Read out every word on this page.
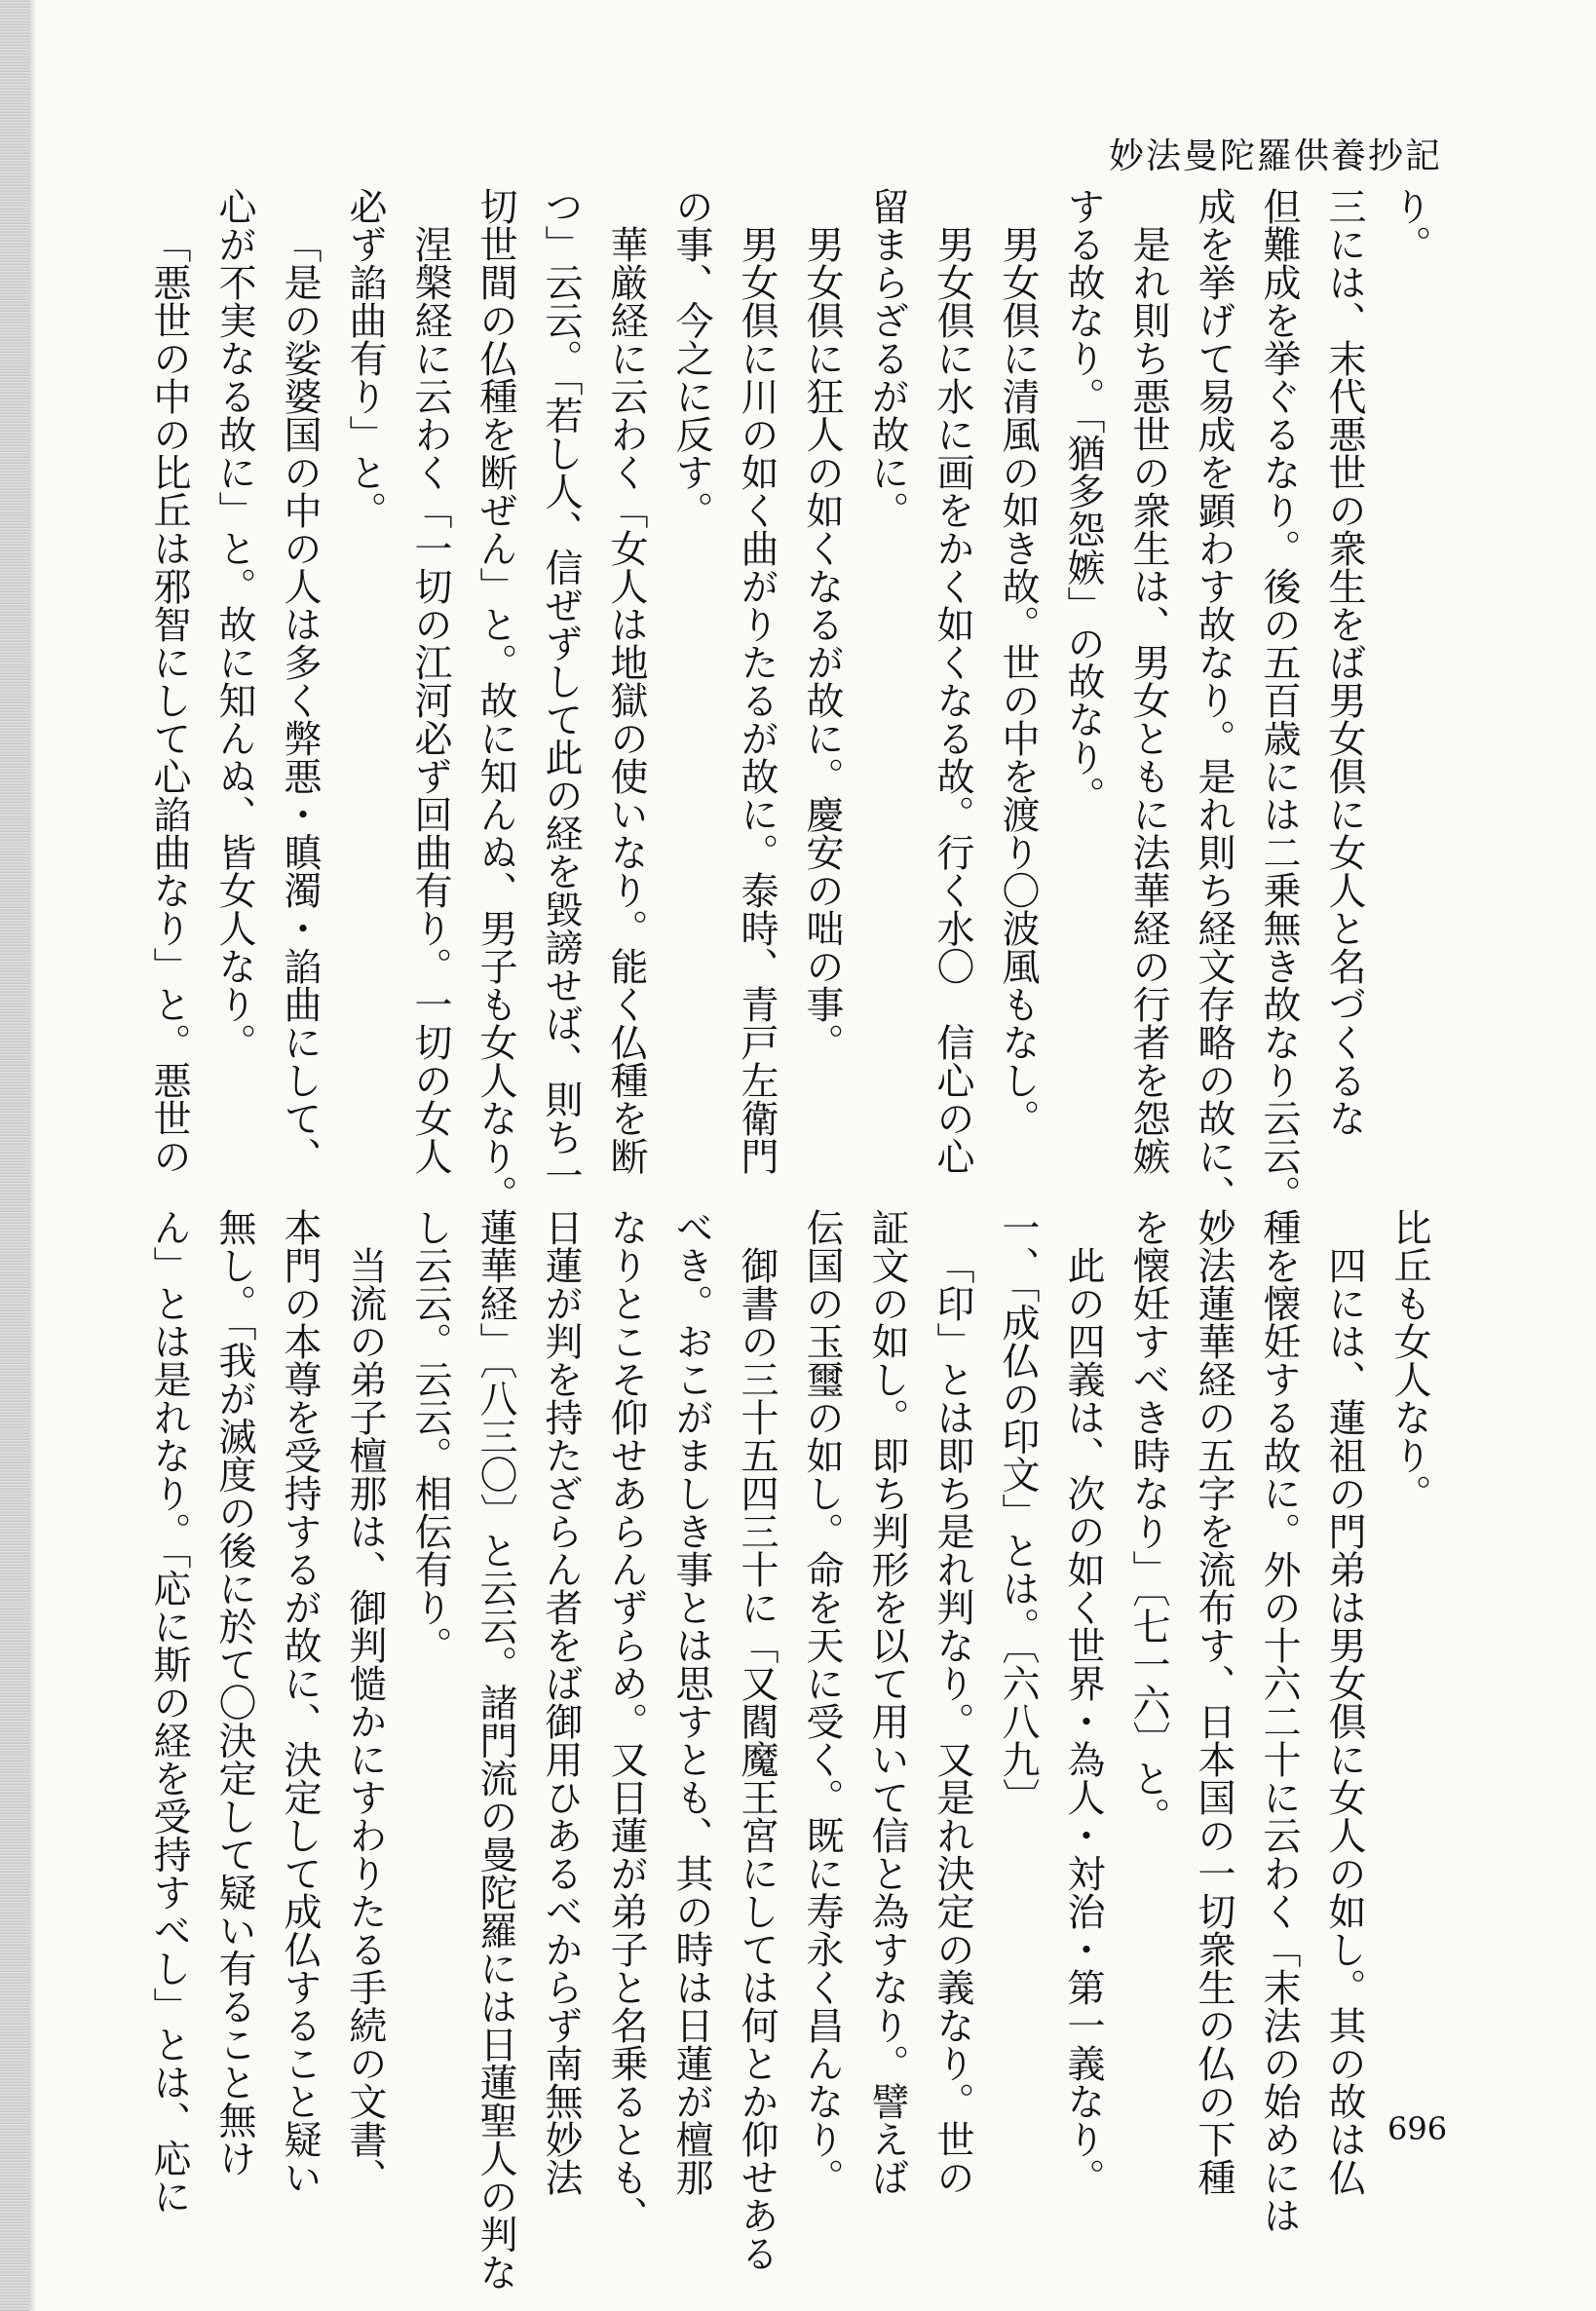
妙法曼陀羅供養抄記

り。

三には、末代悪世の衆生をば男女倶に女人と名づくるな

但難成を挙ぐるなり。後の五百歳には二乗無き故なり云云。

成を挙げて易成を顕わす故なり。是れ則ち経文存略の故に、

是れ則ち悪世の衆生は、男女ともに法華経の行者を怨嫉

する故なり。「猶多怨嫉」の故なり。

男女倶に清風の如き故。世の中を渡り〇波風もなし。

男女倶に水に画をかく如くなる故。行く水〇　信心の心

留まらざるが故に。

男女倶に狂人の如くなるが故に。慶安の咄の事。

男女倶に川の如く曲がりたるが故に。泰時、青戸左衛門

の事、今之に反す。

華厳経に云わく「女人は地獄の使いなり。能く仏種を断

つ」云云。「若し人、信ぜずして此の経を毀謗せば、則ち一

切世間の仏種を断ぜん」と。故に知んぬ、男子も女人なり。

涅槃経に云わく「一切の江河必ず回曲有り。一切の女人

必ず諂曲有り」と。

「是の娑婆国の中の人は多く弊悪・瞋濁・諂曲にして、

心が不実なる故に」と。故に知んぬ、皆女人なり。

「悪世の中の比丘は邪智にして心諂曲なり」と。悪世の

比丘も女人なり。

四には、蓮祖の門弟は男女倶に女人の如し。其の故は仏

種を懐妊する故に。外の十六二十に云わく「末法の始めには

妙法蓮華経の五字を流布す、日本国の一切衆生の仏の下種

を懐妊すべき時なり」〔七一六〕と。

此の四義は、次の如く世界・為人・対治・第一義なり。

一、「成仏の印文」とは。〔六八九〕

「印」とは即ち是れ判なり。又是れ決定の義なり。世の

証文の如し。即ち判形を以て用いて信と為すなり。譬えば

伝国の玉璽の如し。命を天に受く。既に寿永く昌んなり。

御書の三十五四三十に「又閻魔王宮にしては何とか仰せある

べき。おこがましき事とは思すとも、其の時は日蓮が檀那

なりとこそ仰せあらんずらめ。又日蓮が弟子と名乗るとも、

日蓮が判を持たざらん者をば御用ひあるべからず南無妙法

蓮華経」〔八三〇〕と云云。諸門流の曼陀羅には日蓮聖人の判な

し云云。云云。相伝有り。

当流の弟子檀那は、御判慥かにすわりたる手続の文書、

本門の本尊を受持するが故に、決定して成仏すること疑い

無し。「我が滅度の後に於て〇決定して疑い有ること無け

ん」とは是れなり。「応に斯の経を受持すべし」とは、応に	696
